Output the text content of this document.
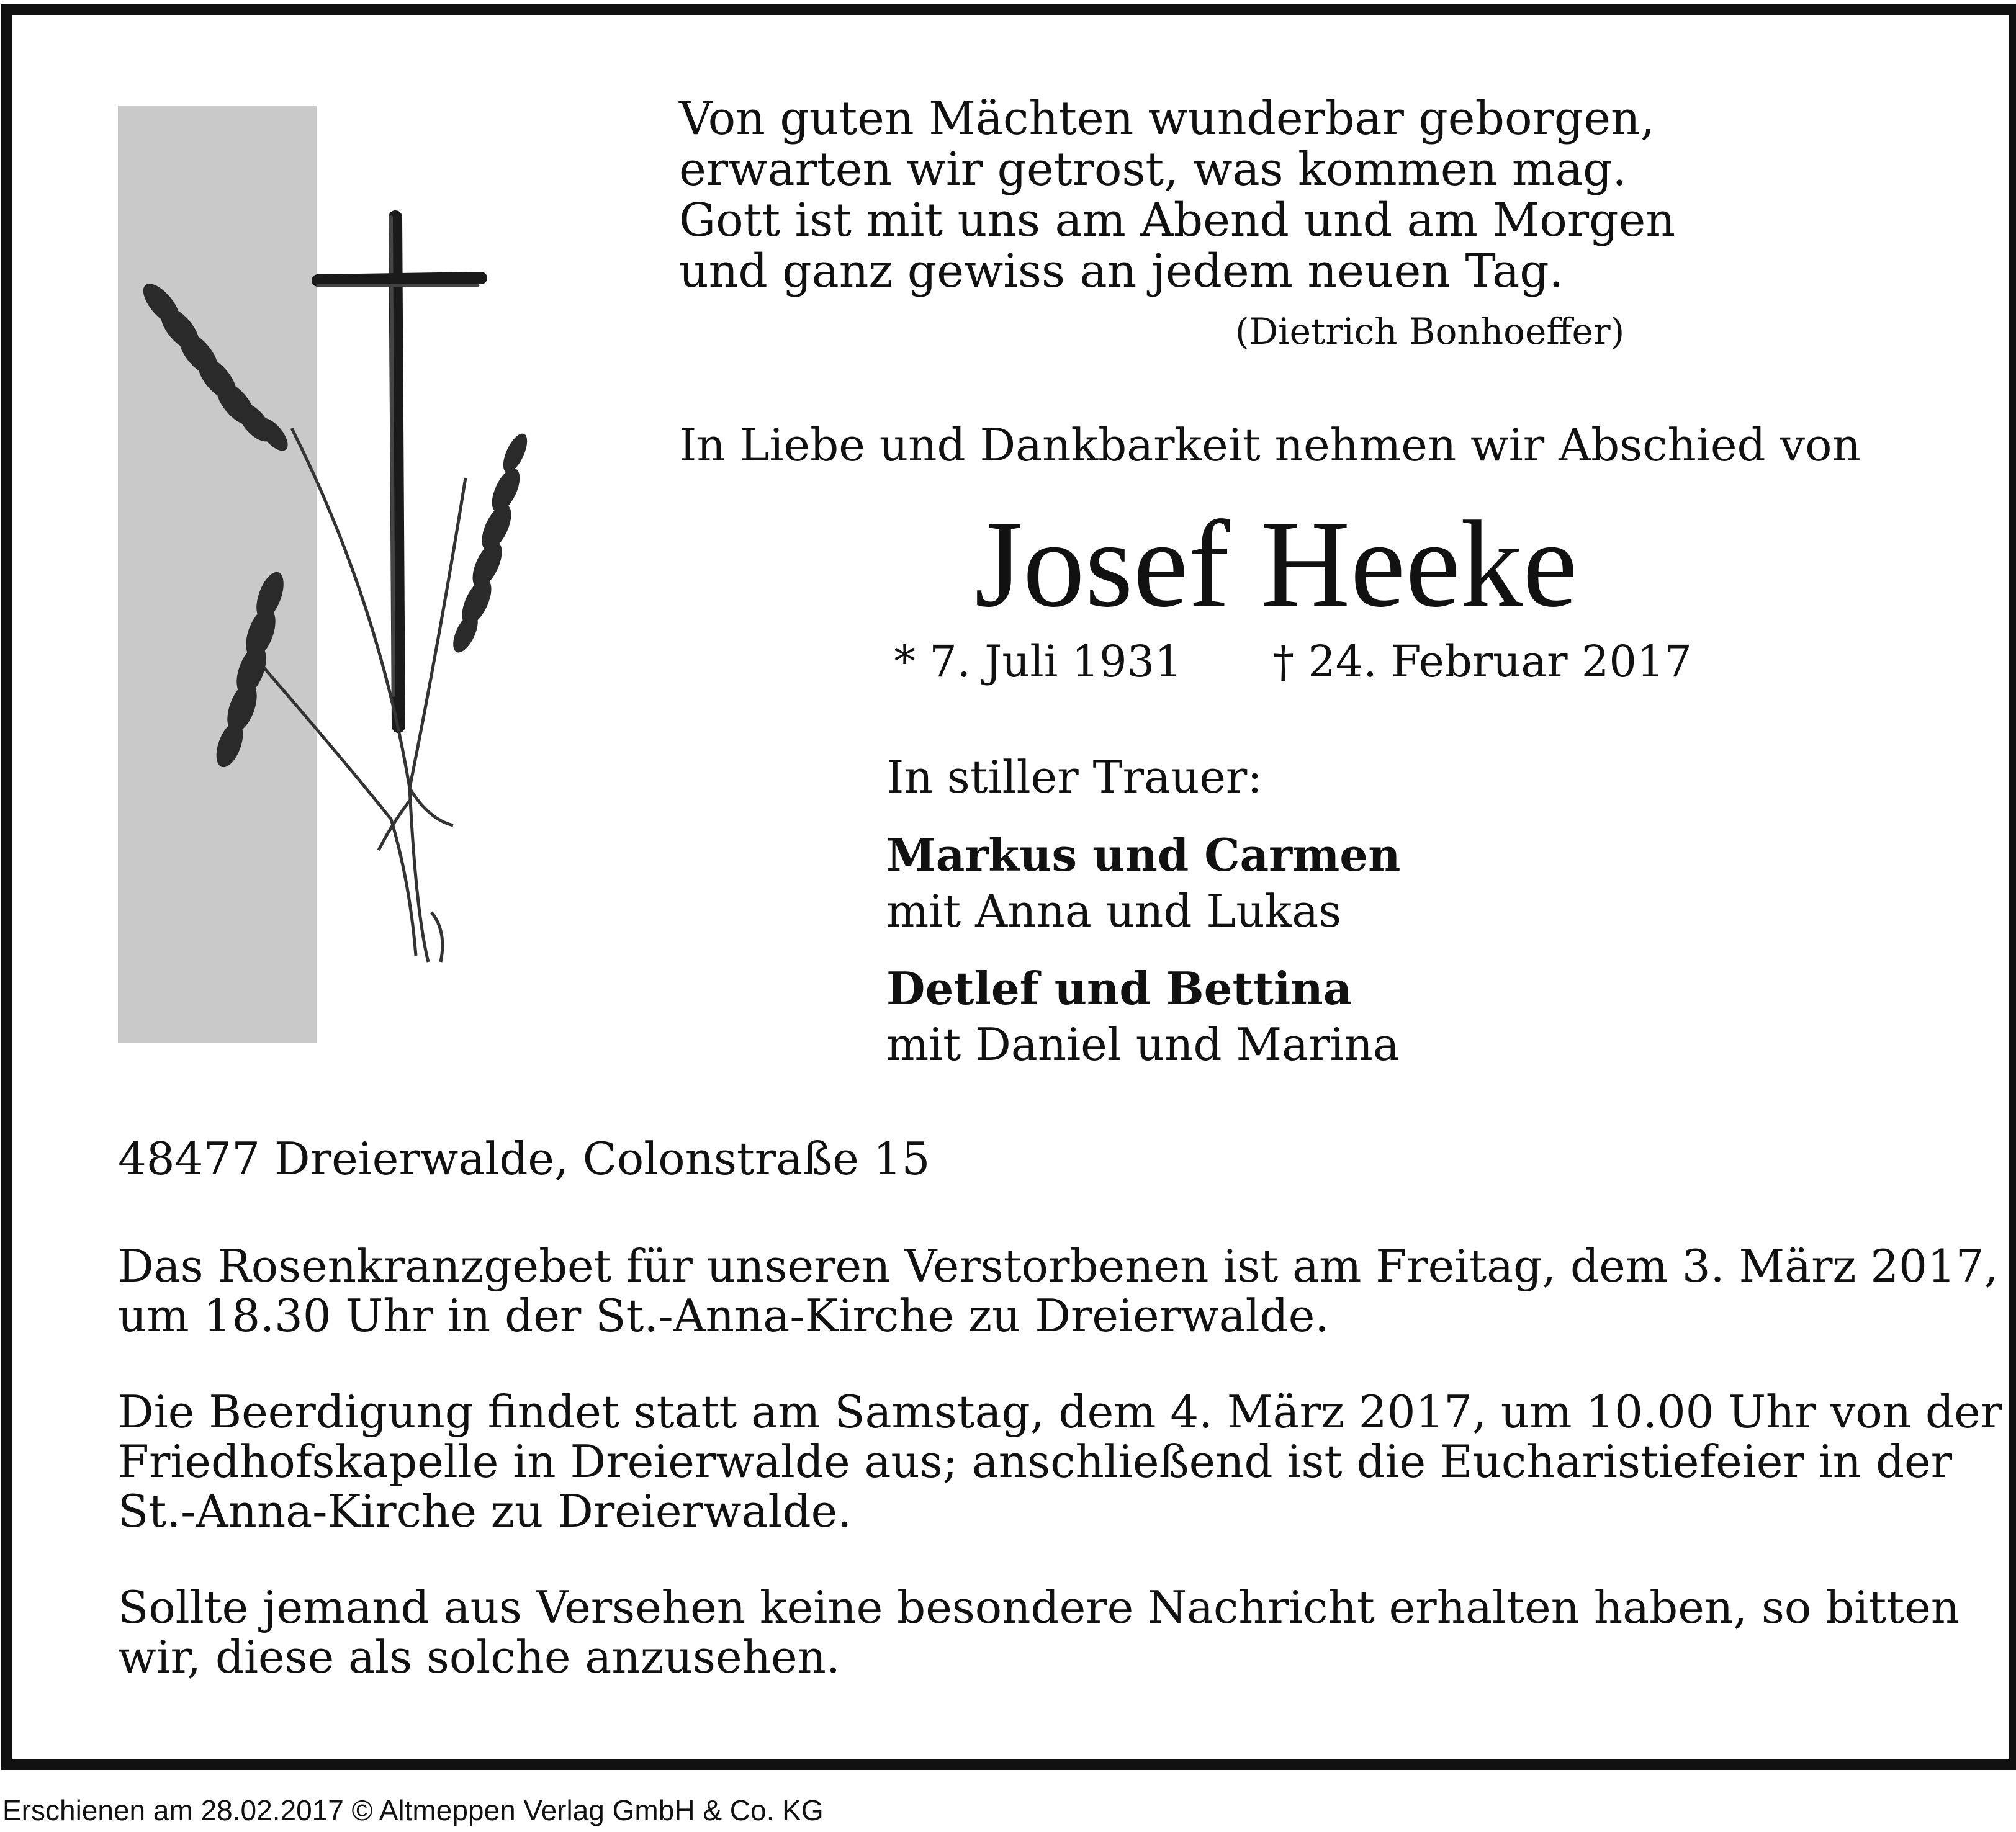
Von guten Mächten wunderbar geborgen,
erwarten wir getrost, was kommen mag.
Gott ist mit uns am Abend und am Morgen
und ganz gewiss an jedem neuen Tag.
(Dietrich Bonhoeffer)
In Liebe und Dankbarkeit nehmen wir Abschied von
Josef Heeke
* 7. Juli 1931 † 24. Februar 2017
In stiller Trauer:
Markus und Carmen
mit Anna und Lukas
Detlef und Bettina
mit Daniel und Marina
48477 Dreierwalde, Colonstraße 15
Das Rosenkranzgebet für unseren Verstorbenen ist am Freitag, dem 3. März 2017,
um 18.30 Uhr in der St.-Anna-Kirche zu Dreierwalde.
Die Beerdigung findet statt am Samstag, dem 4. März 2017, um 10.00 Uhr von der
Friedhofskapelle in Dreierwalde aus; anschließend ist die Eucharistiefeier in der
St.-Anna-Kirche zu Dreierwalde.
Sollte jemand aus Versehen keine besondere Nachricht erhalten haben, so bitten
wir, diese als solche anzusehen.
Erschienen am 28.02.2017 © Altmeppen Verlag GmbH & Co. KG
